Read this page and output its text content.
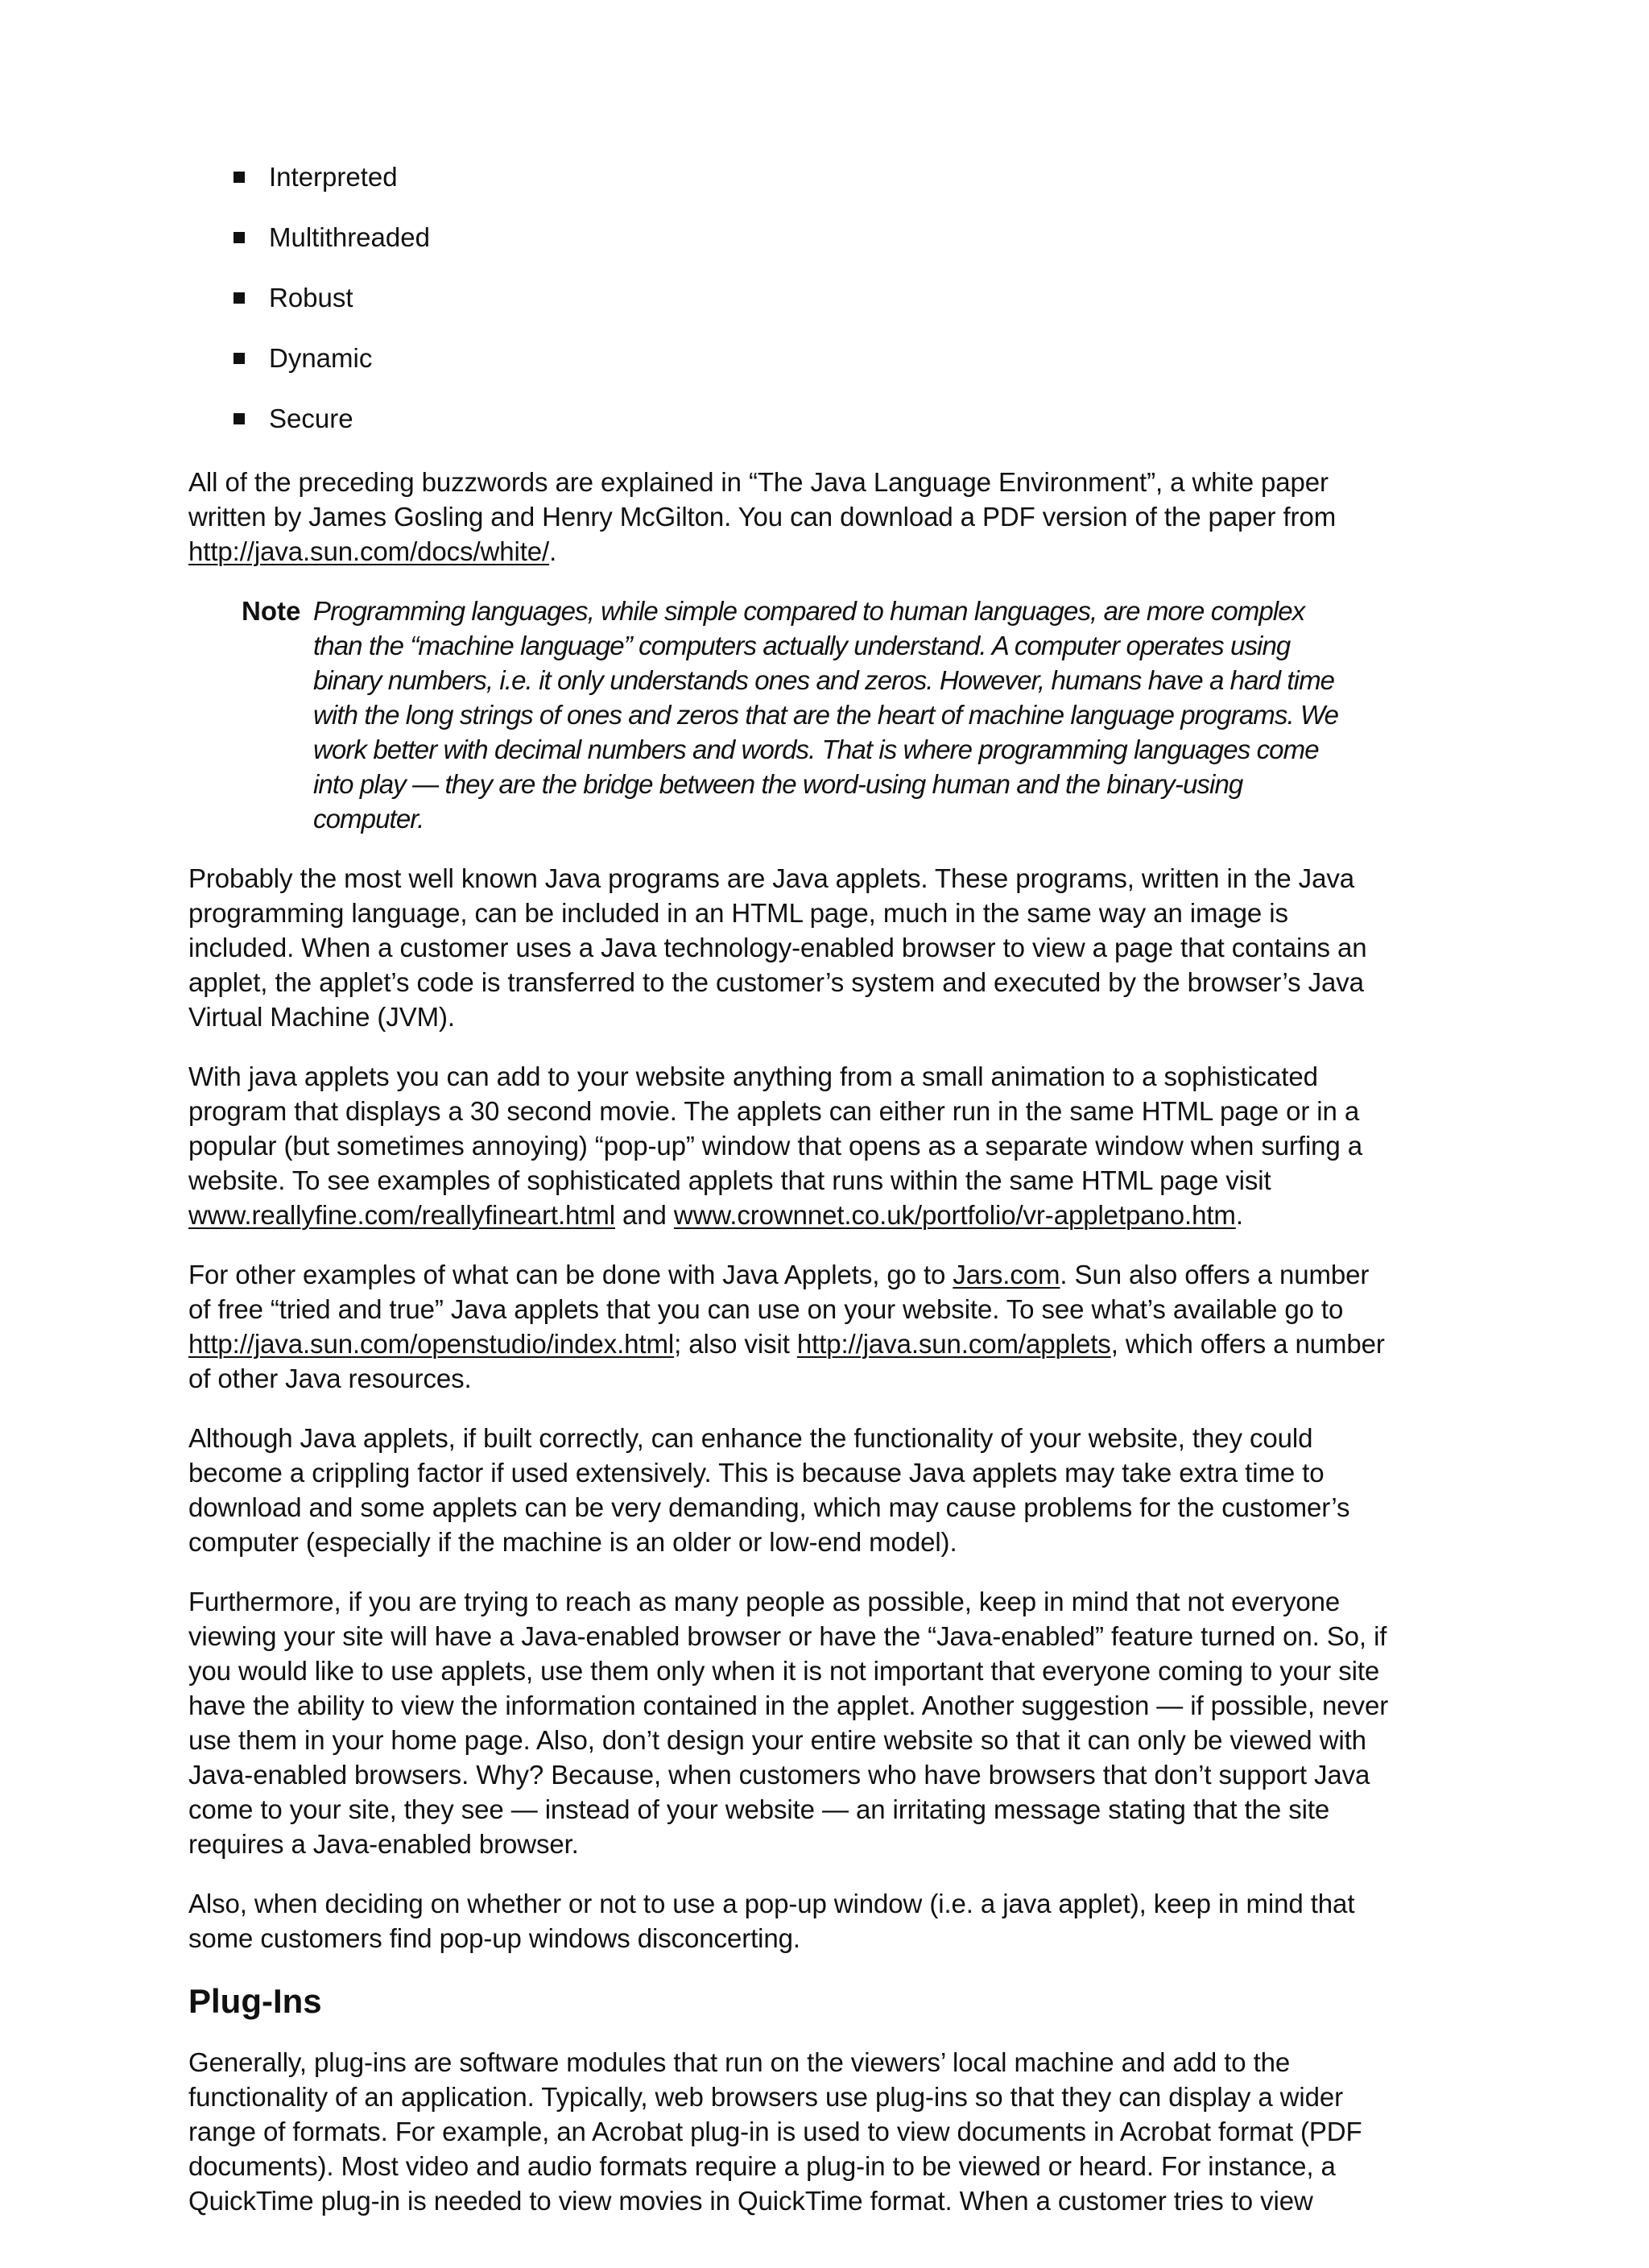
Interpreted
Multithreaded
Robust
Dynamic
Secure

All of the preceding buzzwords are explained in “The Java Language Environment”, a white paper
written by James Gosling and Henry McGilton. You can download a PDF version of the paper from
http://java.sun.com/docs/white/.

Note Programming languages, while simple compared to human languages, are more complex
than the “machine language” computers actually understand. A computer operates using
binary numbers, i.e. it only understands ones and zeros. However, humans have a hard time
with the long strings of ones and zeros that are the heart of machine language programs. We
work better with decimal numbers and words. That is where programming languages come
into play — they are the bridge between the word-using human and the binary-using
computer.

Probably the most well known Java programs are Java applets. These programs, written in the Java
programming language, can be included in an HTML page, much in the same way an image is
included. When a customer uses a Java technology-enabled browser to view a page that contains an
applet, the applet’s code is transferred to the customer’s system and executed by the browser’s Java
Virtual Machine (JVM).

With java applets you can add to your website anything from a small animation to a sophisticated
program that displays a 30 second movie. The applets can either run in the same HTML page or in a
popular (but sometimes annoying) “pop-up” window that opens as a separate window when surfing a
website. To see examples of sophisticated applets that runs within the same HTML page visit
www.reallyfine.com/reallyfineart.html and www.crownnet.co.uk/portfolio/vr-appletpano.htm.

For other examples of what can be done with Java Applets, go to Jars.com. Sun also offers a number
of free “tried and true” Java applets that you can use on your website. To see what’s available go to
http://java.sun.com/openstudio/index.html; also visit http://java.sun.com/applets, which offers a number
of other Java resources.

Although Java applets, if built correctly, can enhance the functionality of your website, they could
become a crippling factor if used extensively. This is because Java applets may take extra time to
download and some applets can be very demanding, which may cause problems for the customer’s
computer (especially if the machine is an older or low-end model).

Furthermore, if you are trying to reach as many people as possible, keep in mind that not everyone
viewing your site will have a Java-enabled browser or have the “Java-enabled” feature turned on. So, if
you would like to use applets, use them only when it is not important that everyone coming to your site
have the ability to view the information contained in the applet. Another suggestion — if possible, never
use them in your home page. Also, don’t design your entire website so that it can only be viewed with
Java-enabled browsers. Why? Because, when customers who have browsers that don’t support Java
come to your site, they see — instead of your website — an irritating message stating that the site
requires a Java-enabled browser.

Also, when deciding on whether or not to use a pop-up window (i.e. a java applet), keep in mind that
some customers find pop-up windows disconcerting.

Plug-Ins

Generally, plug-ins are software modules that run on the viewers’ local machine and add to the
functionality of an application. Typically, web browsers use plug-ins so that they can display a wider
range of formats. For example, an Acrobat plug-in is used to view documents in Acrobat format (PDF
documents). Most video and audio formats require a plug-in to be viewed or heard. For instance, a
QuickTime plug-in is needed to view movies in QuickTime format. When a customer tries to view
